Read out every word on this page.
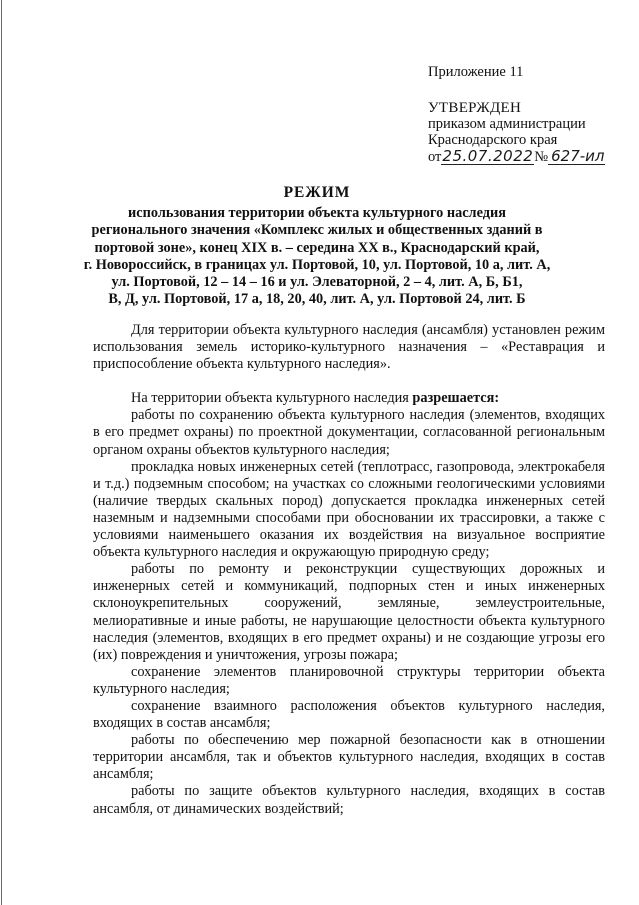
Приложение 11
УТВЕРЖДЕН
приказом администрации
Краснодарского края
от25.07.2022№ 627-ил
РЕЖИМ
использования территории объекта культурного наследия
регионального значения «Комплекс жилых и общественных зданий в
портовой зоне», конец XIX в. – середина XX в., Краснодарский край,
г. Новороссийск, в границах ул. Портовой, 10, ул. Портовой, 10 а, лит. А,
ул. Портовой, 12 – 14 – 16 и ул. Элеваторной, 2 – 4, лит. А, Б, Б1,
В, Д, ул. Портовой, 17 а, 18, 20, 40, лит. А, ул. Портовой 24, лит. Б

Для территории объекта культурного наследия (ансамбля) установлен режим использования земель историко-культурного назначения – «Реставрация и приспособление объекта культурного наследия».

На территории объекта культурного наследия разрешается:

работы по сохранению объекта культурного наследия (элементов, входящих в его предмет охраны) по проектной документации, согласованной региональным органом охраны объектов культурного наследия;

прокладка новых инженерных сетей (теплотрасс, газопровода, электрокабеля и т.д.) подземным способом; на участках со сложными геологическими условиями (наличие твердых скальных пород) допускается прокладка инженерных сетей наземным и надземными способами при обосновании их трассировки, а также с условиями наименьшего оказания их воздействия на визуальное восприятие объекта культурного наследия и окружающую природную среду;

работы по ремонту и реконструкции существующих дорожных и инженерных сетей и коммуникаций, подпорных стен и иных инженерных склоноукрепительных сооружений, земляные, землеустроительные, мелиоративные и иные работы, не нарушающие целостности объекта культурного наследия (элементов, входящих в его предмет охраны) и не создающие угрозы его (их) повреждения и уничтожения, угрозы пожара;

сохранение элементов планировочной структуры территории объекта культурного наследия;

сохранение взаимного расположения объектов культурного наследия, входящих в состав ансамбля;

работы по обеспечению мер пожарной безопасности как в отношении территории ансамбля, так и объектов культурного наследия, входящих в состав ансамбля;

работы по защите объектов культурного наследия, входящих в состав ансамбля, от динамических воздействий;
